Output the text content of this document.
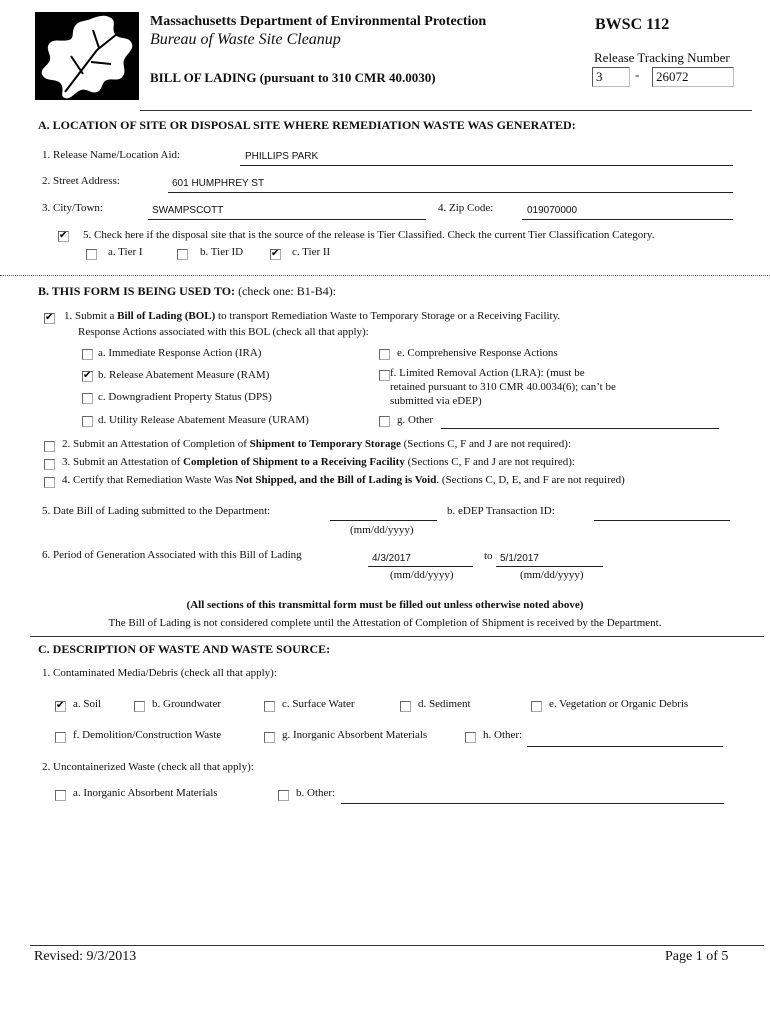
Massachusetts Department of Environmental Protection
Bureau of Waste Site Cleanup
BILL OF LADING (pursuant to 310 CMR 40.0030)
BWSC 112
Release Tracking Number
3	-	26072
A. LOCATION OF SITE OR DISPOSAL SITE WHERE REMEDIATION WASTE WAS GENERATED:
1. Release Name/Location Aid:	PHILLIPS PARK
2. Street Address:	601 HUMPHREY ST
3. City/Town:	SWAMPSCOTT	4. Zip Code:	019070000
✔
5. Check here if the disposal site that is the source of the release is Tier Classified. Check the current Tier Classification Category.
a. Tier I	b. Tier ID
✔	c. Tier II
B. THIS FORM IS BEING USED TO: (check one: B1-B4):
✔
1. Submit a Bill of Lading (BOL) to transport Remediation Waste to Temporary Storage or a Receiving Facility.
Response Actions associated with this BOL (check all that apply):
a. Immediate Response Action (IRA)
✔
b. Release Abatement Measure (RAM)
c. Downgradient Property Status (DPS)
d. Utility Release Abatement Measure (URAM)
e. Comprehensive Response Actions
f. Limited Removal Action (LRA): (must be
retained pursuant to 310 CMR 40.0034(6); can’t be
submitted via eDEP)
g. Other
2. Submit an Attestation of Completion of Shipment to Temporary Storage (Sections C, F and J are not required):
3. Submit an Attestation of Completion of Shipment to a Receiving Facility (Sections C, F and J are not required):
4. Certify that Remediation Waste Was Not Shipped, and the Bill of Lading is Void. (Sections C, D, E, and F are not required)
5. Date Bill of Lading submitted to the Department:
(mm/dd/yyyy)
b. eDEP Transaction ID:
6. Period of Generation Associated with this Bill of Lading	4/3/2017	to 5/1/2017
(mm/dd/yyyy)	(mm/dd/yyyy)
(All sections of this transmittal form must be filled out unless otherwise noted above)
The Bill of Lading is not considered complete until the Attestation of Completion of Shipment is received by the Department.
C. DESCRIPTION OF WASTE AND WASTE SOURCE:
1. Contaminated Media/Debris (check all that apply):
✔
a. Soil	b. Groundwater	c. Surface Water	d. Sediment	e. Vegetation or Organic Debris
f. Demolition/Construction Waste	g. Inorganic Absorbent Materials	h. Other:
2. Uncontainerized Waste (check all that apply):
a. Inorganic Absorbent Materials	b. Other:
Revised: 9/3/2013	Page 1 of 5
